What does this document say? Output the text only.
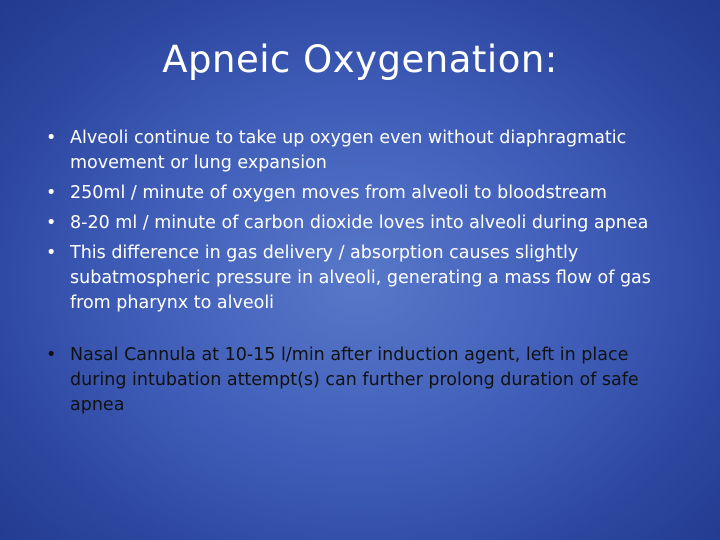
Apneic Oxygenation:
• Alveoli continue to take up oxygen even without diaphragmatic movement or lung expansion
• 250ml / minute of oxygen moves from alveoli to bloodstream
• 8-20 ml / minute of carbon dioxide loves into alveoli during apnea
• This difference in gas delivery / absorption causes slightly subatmospheric pressure in alveoli, generating a mass flow of gas from pharynx to alveoli
• Nasal Cannula at 10-15 l/min after induction agent, left in place during intubation attempt(s) can further prolong duration of safe apnea
